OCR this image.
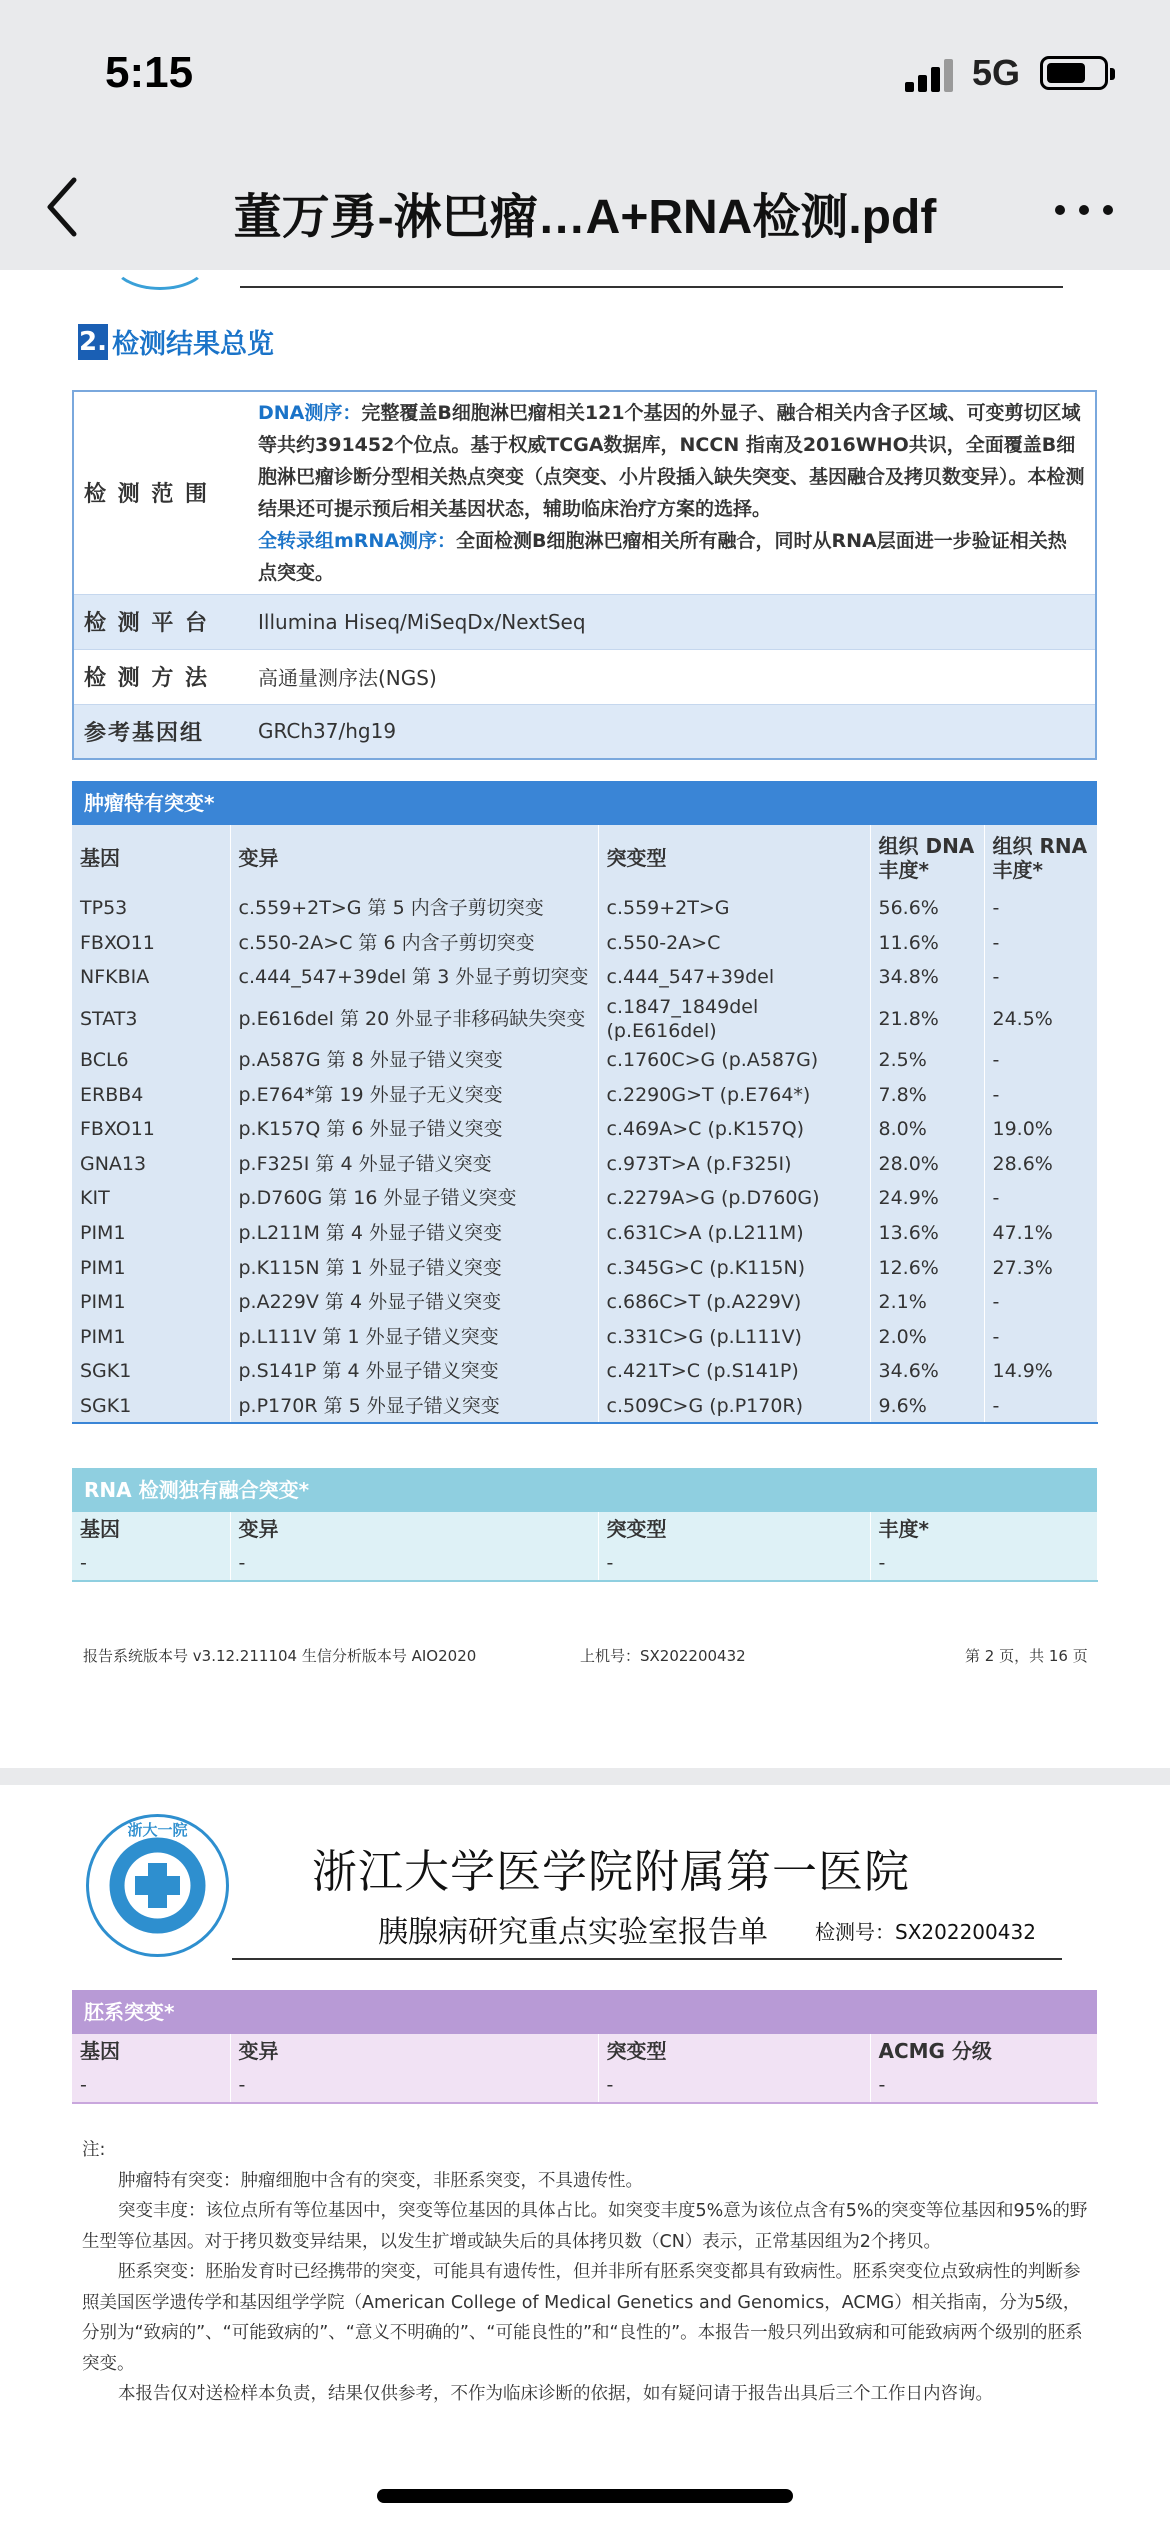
5:15	5G
董万勇-淋巴瘤…A+RNA检测.pdf
2. 检测结果总览
检 测 范 围	DNA测序：完整覆盖B细胞淋巴瘤相关121个基因的外显子、融合相关内含子区域、可变剪切区域等共约391452个位点。基于权威TCGA数据库，NCCN 指南及2016WHO共识，全面覆盖B细胞淋巴瘤诊断分型相关热点突变（点突变、小片段插入缺失突变、基因融合及拷贝数变异）。本检测结果还可提示预后相关基因状态，辅助临床治疗方案的选择。
全转录组mRNA测序：全面检测B细胞淋巴瘤相关所有融合，同时从RNA层面进一步验证相关热点突变。
检 测 平 台	Illumina Hiseq/MiSeqDx/NextSeq
检 测 方 法	高通量测序法(NGS)
参考基因组	GRCh37/hg19
肿瘤特有突变*
基因	变异	突变型	组织 DNA 丰度*	组织 RNA 丰度*
TP53	c.559+2T>G 第 5 内含子剪切突变	c.559+2T>G	56.6%	-
FBXO11	c.550-2A>C 第 6 内含子剪切突变	c.550-2A>C	11.6%	-
NFKBIA	c.444_547+39del 第 3 外显子剪切突变	c.444_547+39del	34.8%	-
STAT3	p.E616del 第 20 外显子非移码缺失突变	c.1847_1849del (p.E616del)	21.8%	24.5%
BCL6	p.A587G 第 8 外显子错义突变	c.1760C>G (p.A587G)	2.5%	-
ERBB4	p.E764*第 19 外显子无义突变	c.2290G>T (p.E764*)	7.8%	-
FBXO11	p.K157Q 第 6 外显子错义突变	c.469A>C (p.K157Q)	8.0%	19.0%
GNA13	p.F325I 第 4 外显子错义突变	c.973T>A (p.F325I)	28.0%	28.6%
KIT	p.D760G 第 16 外显子错义突变	c.2279A>G (p.D760G)	24.9%	-
PIM1	p.L211M 第 4 外显子错义突变	c.631C>A (p.L211M)	13.6%	47.1%
PIM1	p.K115N 第 1 外显子错义突变	c.345G>C (p.K115N)	12.6%	27.3%
PIM1	p.A229V 第 4 外显子错义突变	c.686C>T (p.A229V)	2.1%	-
PIM1	p.L111V 第 1 外显子错义突变	c.331C>G (p.L111V)	2.0%	-
SGK1	p.S141P 第 4 外显子错义突变	c.421T>C (p.S141P)	34.6%	14.9%
SGK1	p.P170R 第 5 外显子错义突变	c.509C>G (p.P170R)	9.6%	-
RNA 检测独有融合突变*
基因	变异	突变型	丰度*
-	-	-	-
报告系统版本号 v3.12.211104 生信分析版本号 AIO2020	上机号：SX202200432	第 2 页，共 16 页
1947
浙大一院
浙江大学医学院附属第一医院
胰腺病研究重点实验室报告单 检测号：SX202200432
胚系突变*
基因	变异	突变型	ACMG 分级
-	-	-	-

注:

肿瘤特有突变：肿瘤细胞中含有的突变，非胚系突变，不具遗传性。

突变丰度：该位点所有等位基因中，突变等位基因的具体占比。如突变丰度5%意为该位点含有5%的突变等位基因和95%的野生型等位基因。对于拷贝数变异结果，以发生扩增或缺失后的具体拷贝数（CN）表示，正常基因组为2个拷贝。

胚系突变：胚胎发育时已经携带的突变，可能具有遗传性，但并非所有胚系突变都具有致病性。胚系突变位点致病性的判断参照美国医学遗传学和基因组学学院（American College of Medical Genetics and Genomics，ACMG）相关指南，分为5级，分别为“致病的”、“可能致病的”、“意义不明确的”、“可能良性的”和“良性的”。本报告一般只列出致病和可能致病两个级别的胚系突变。

本报告仅对送检样本负责，结果仅供参考，不作为临床诊断的依据，如有疑问请于报告出具后三个工作日内咨询。
